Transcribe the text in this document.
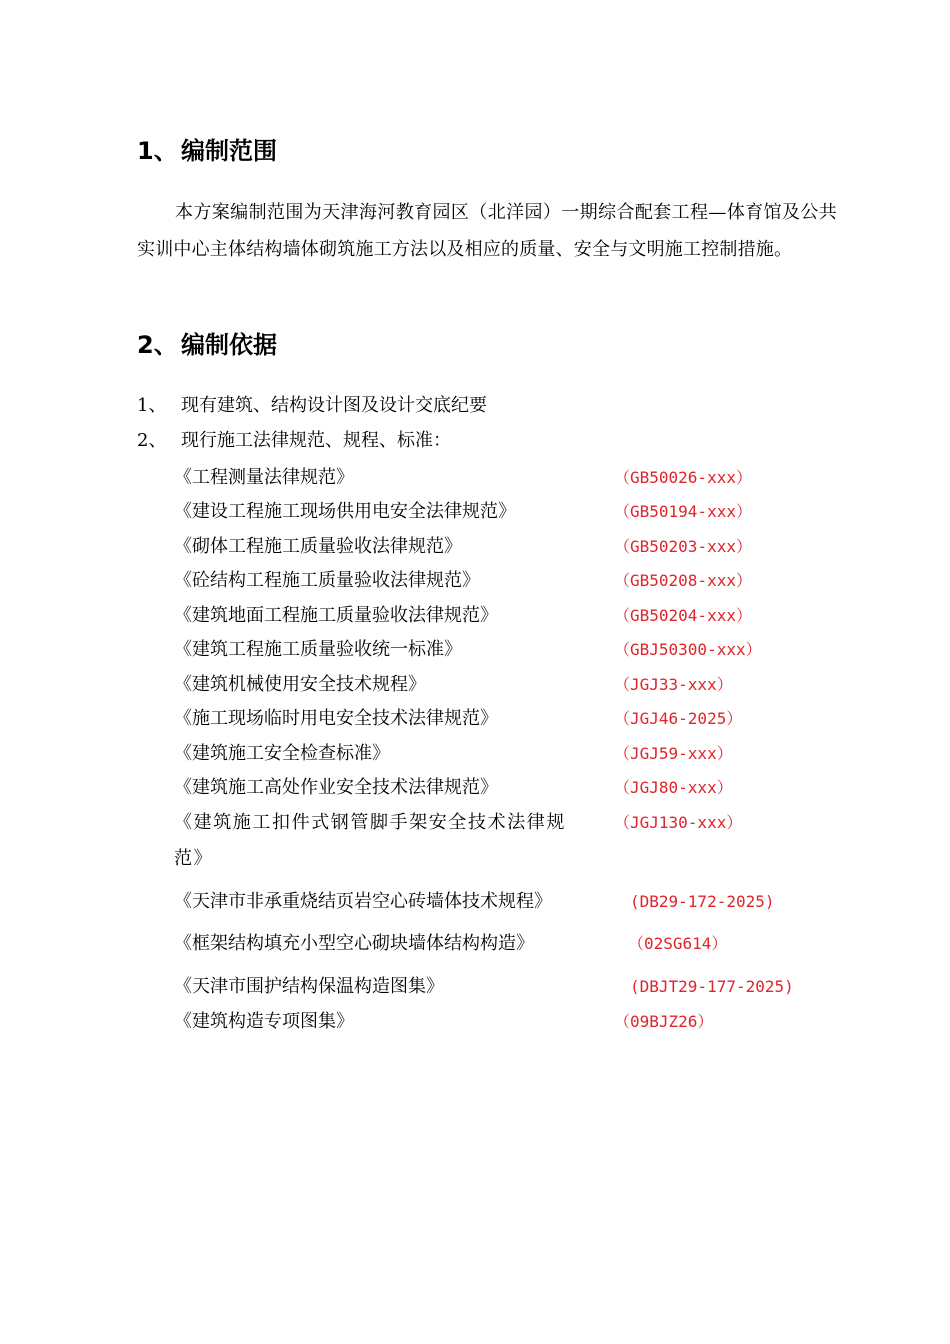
1、 编制范围

本方案编制范围为天津海河教育园区（北洋园）一期综合配套工程—体育馆及公共实训中心主体结构墙体砌筑施工方法以及相应的质量、安全与文明施工控制措施。

2、 编制依据
1、 现有建筑、结构设计图及设计交底纪要
2、 现行施工法律规范、规程、标准：
《工程测量法律规范》	（GB50026-xxx）
《建设工程施工现场供用电安全法律规范》	（GB50194-xxx）
《砌体工程施工质量验收法律规范》	（GB50203-xxx）
《砼结构工程施工质量验收法律规范》	（GB50208-xxx）
《建筑地面工程施工质量验收法律规范》	（GB50204-xxx）
《建筑工程施工质量验收统一标准》	（GBJ50300-xxx）
《建筑机械使用安全技术规程》	（JGJ33-xxx）
《施工现场临时用电安全技术法律规范》	（JGJ46-2025）
《建筑施工安全检查标准》	（JGJ59-xxx）
《建筑施工高处作业安全技术法律规范》	（JGJ80-xxx）
《建筑施工扣件式钢管脚手架安全技术法律规范》
（JGJ130-xxx）
《天津市非承重烧结页岩空心砖墙体技术规程》	(DB29-172-2025)
《框架结构填充小型空心砌块墙体结构构造》	（02SG614）
《天津市围护结构保温构造图集》	(DBJT29-177-2025)
《建筑构造专项图集》	（09BJZ26）
